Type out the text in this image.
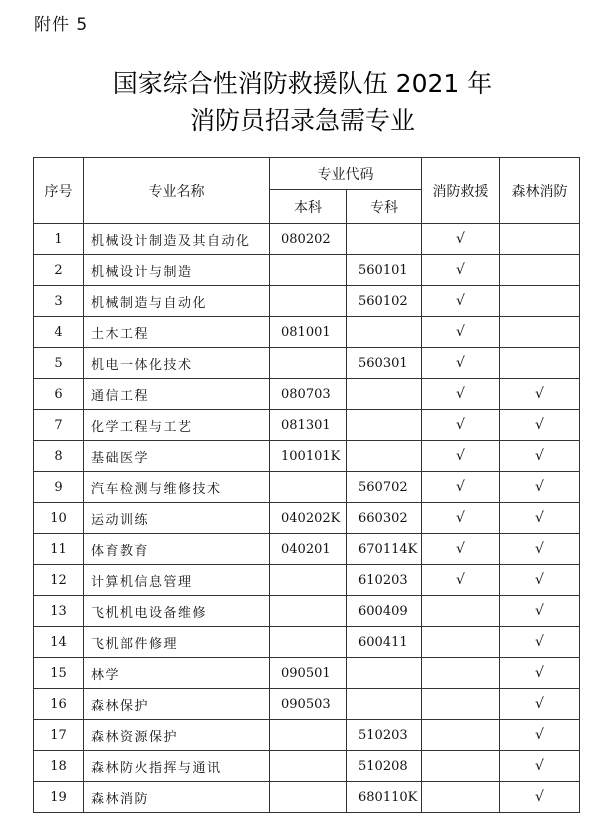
附件 5
国家综合性消防救援队伍 2021 年
消防员招录急需专业
序号	专业名称	专业代码		消防救援	森林消防
		本科	专科		
1	机械设计制造及其自动化	080202		√	
2	机械设计与制造		560101	√	
3	机械制造与自动化		560102	√	
4	土木工程	081001		√	
5	机电一体化技术		560301	√	
6	通信工程	080703		√	√
7	化学工程与工艺	081301		√	√
8	基础医学	100101K		√	√
9	汽车检测与维修技术		560702	√	√
10	运动训练	040202K	660302	√	√
11	体育教育	040201	670114K	√	√
12	计算机信息管理		610203	√	√
13	飞机机电设备维修		600409		√
14	飞机部件修理		600411		√
15	林学	090501			√
16	森林保护	090503			√
17	森林资源保护		510203		√
18	森林防火指挥与通讯		510208		√
19	森林消防		680110K		√
